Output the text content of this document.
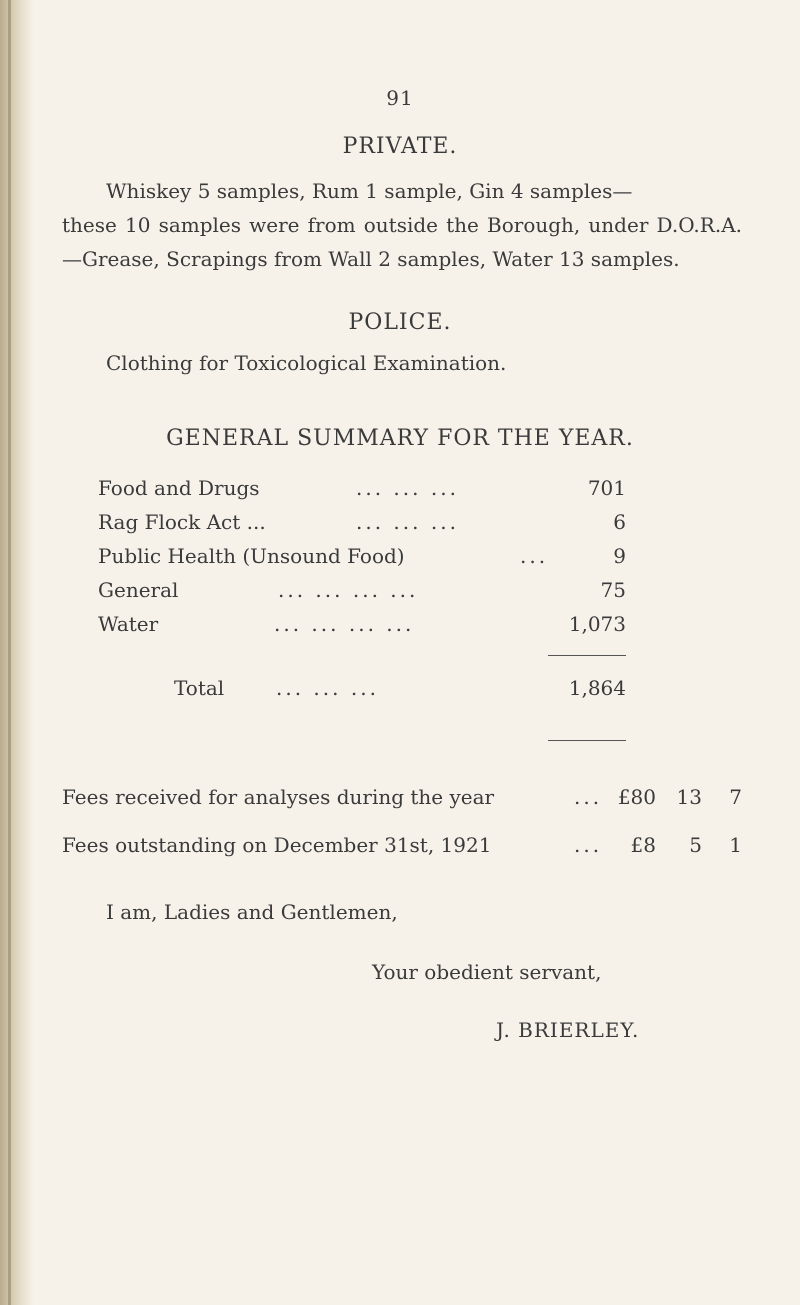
91
PRIVATE.
Whiskey 5 samples, Rum 1 sample, Gin 4 samples—
these 10 samples were from outside the Borough, under D.O.R.A.—Grease, Scrapings from Wall 2 samples, Water 13 samples.
POLICE.
Clothing for Toxicological Examination.
GENERAL SUMMARY FOR THE YEAR.
Food and Drugs	... ... ...	701
Rag Flock Act ...	... ... ...	6
Public Health (Unsound Food)	...	9
General	... ... ... ...	75
Water	... ... ... ...	1,073
Total	... ... ...	1,864
Fees received for analyses during the year	... £80 13 7
Fees outstanding on December 31st, 1921	... £8 5 1
I am, Ladies and Gentlemen,
Your obedient servant,
J. BRIERLEY.
